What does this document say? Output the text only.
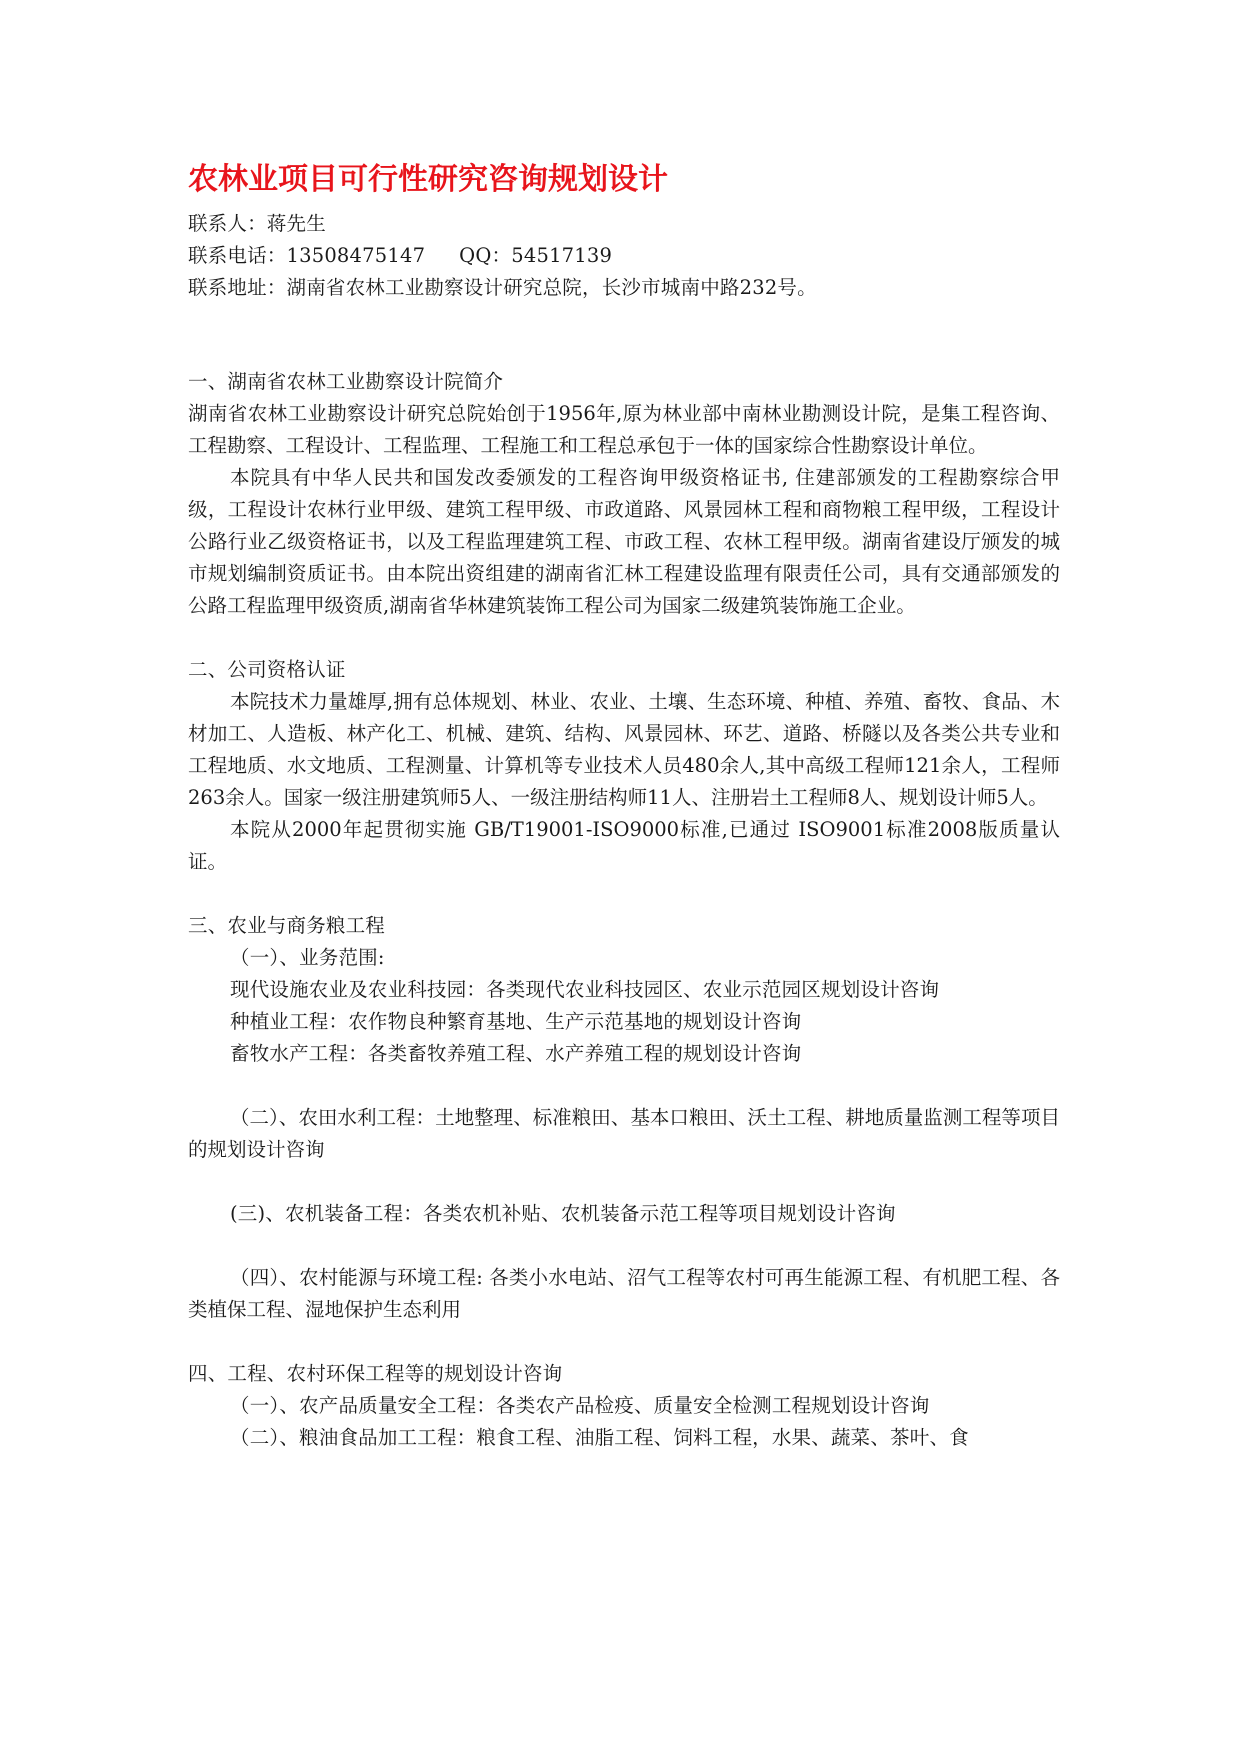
农林业项目可行性研究咨询规划设计
联系人：蒋先生
联系电话：13508475147 QQ：54517139
联系地址：湖南省农林工业勘察设计研究总院，长沙市城南中路232号。
一、湖南省农林工业勘察设计院简介
湖南省农林工业勘察设计研究总院始创于1956年,原为林业部中南林业勘测设计院，是集工程咨询、工程勘察、工程设计、工程监理、工程施工和工程总承包于一体的国家综合性勘察设计单位。
本院具有中华人民共和国发改委颁发的工程咨询甲级资格证书, 住建部颁发的工程勘察综合甲级，工程设计农林行业甲级、建筑工程甲级、市政道路、风景园林工程和商物粮工程甲级，工程设计公路行业乙级资格证书，以及工程监理建筑工程、市政工程、农林工程甲级。湖南省建设厅颁发的城市规划编制资质证书。由本院出资组建的湖南省汇林工程建设监理有限责任公司，具有交通部颁发的公路工程监理甲级资质,湖南省华林建筑装饰工程公司为国家二级建筑装饰施工企业。
二、公司资格认证
本院技术力量雄厚,拥有总体规划、林业、农业、土壤、生态环境、种植、养殖、畜牧、食品、木材加工、人造板、林产化工、机械、建筑、结构、风景园林、环艺、道路、桥隧以及各类公共专业和工程地质、水文地质、工程测量、计算机等专业技术人员480余人,其中高级工程师121余人，工程师263余人。国家一级注册建筑师5人、一级注册结构师11人、注册岩土工程师8人、规划设计师5人。
本院从2000年起贯彻实施 GB/T19001-ISO9000标准,已通过 ISO9001标准2008版质量认证。
三、农业与商务粮工程
（一）、业务范围:
现代设施农业及农业科技园：各类现代农业科技园区、农业示范园区规划设计咨询
种植业工程：农作物良种繁育基地、生产示范基地的规划设计咨询
畜牧水产工程：各类畜牧养殖工程、水产养殖工程的规划设计咨询
（二）、农田水利工程：土地整理、标准粮田、基本口粮田、沃土工程、耕地质量监测工程等项目的规划设计咨询
(三)、农机装备工程：各类农机补贴、农机装备示范工程等项目规划设计咨询
（四）、农村能源与环境工程: 各类小水电站、沼气工程等农村可再生能源工程、有机肥工程、各类植保工程、湿地保护生态利用
四、工程、农村环保工程等的规划设计咨询
（一）、农产品质量安全工程：各类农产品检疫、质量安全检测工程规划设计咨询
（二）、粮油食品加工工程：粮食工程、油脂工程、饲料工程，水果、蔬菜、茶叶、食
